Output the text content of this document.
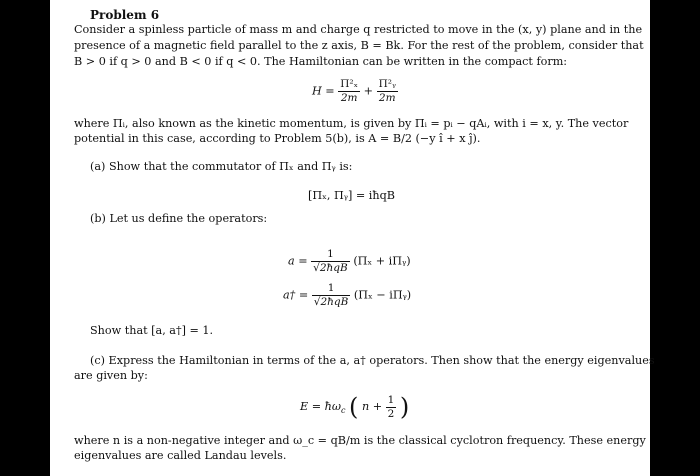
Problem 6
Consider a spinless particle of mass m and charge q restricted to move in the (x, y) plane and in the
presence of a magnetic field parallel to the z axis, B = Bk. For the rest of the problem, consider that
B > 0 if q > 0 and B < 0 if q < 0. The Hamiltonian can be written in the compact form:
$H = \frac{\text{Π²ₓ}}{2m} + \frac{\text{Π²ᵧ}}{2m}$
where Πᵢ, also known as the kinetic momentum, is given by Πᵢ = pᵢ − qAᵢ, with i = x, y. The vector
potential in this case, according to Problem 5(b), is A = B/2 (−y î + x ĵ).
(a) Show that the commutator of Πₓ and Πᵧ is:
[Πₓ, Πᵧ] = iħqB
(b) Let us define the operators:
$a = \frac{1}{\text{√2ħqB}} (\Pi_x$ + iΠᵧ)
a† = $\frac{1}{\text{√2ħqB}} (\Pi_x$ − iΠᵧ)
Show that [a, a†] = 1.
(c) Express the Hamiltonian in terms of the a, a† operators. Then show that the energy eigenvalues
are given by:
$E = ħ\omega_c$ ( $n + \frac{1}{2}$ )
where n is a non-negative integer and ω_c = qB/m is the classical cyclotron frequency. These energy
eigenvalues are called Landau levels.
